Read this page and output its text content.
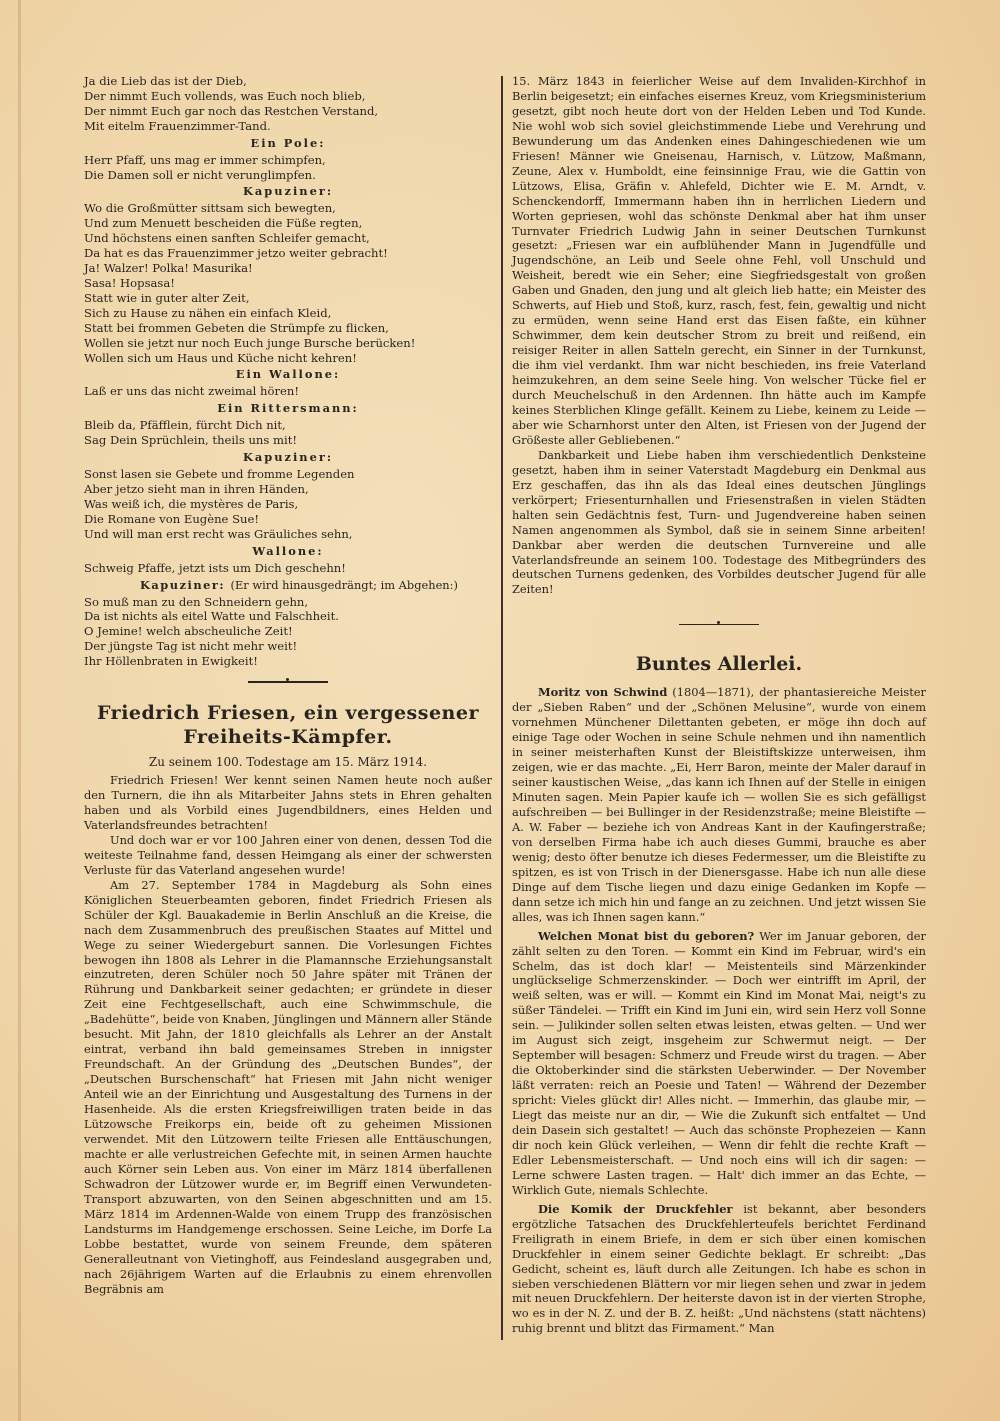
Ja die Lieb das ist der Dieb,
Der nimmt Euch vollends, was Euch noch blieb,
Der nimmt Euch gar noch das Restchen Verstand,
Mit eitelm Frauenzimmer-Tand.
Ein Pole:
Herr Pfaff, uns mag er immer schimpfen,
Die Damen soll er nicht verunglimpfen.
Kapuziner:
Wo die Großmütter sittsam sich bewegten,
Und zum Menuett bescheiden die Füße regten,
Und höchstens einen sanften Schleifer gemacht,
Da hat es das Frauenzimmer jetzo weiter gebracht!
Ja! Walzer! Polka! Masurika!
Sasa! Hopsasa!
Statt wie in guter alter Zeit,
Sich zu Hause zu nähen ein einfach Kleid,
Statt bei frommen Gebeten die Strümpfe zu flicken,
Wollen sie jetzt nur noch Euch junge Bursche berücken!
Wollen sich um Haus und Küche nicht kehren!
Ein Wallone:
Laß er uns das nicht zweimal hören!
Ein Rittersmann:
Bleib da, Pfäfflein, fürcht Dich nit,
Sag Dein Sprüchlein, theils uns mit!
Kapuziner:
Sonst lasen sie Gebete und fromme Legenden
Aber jetzo sieht man in ihren Händen,
Was weiß ich, die mystères de Paris,
Die Romane von Eugène Sue!
Und will man erst recht was Gräuliches sehn,
Wallone:
Schweig Pfaffe, jetzt ists um Dich geschehn!
Kapuziner: (Er wird hinausgedrängt; im Abgehen:)
So muß man zu den Schneidern gehn,
Da ist nichts als eitel Watte und Falschheit.
O Jemine! welch abscheuliche Zeit!
Der jüngste Tag ist nicht mehr weit!
Ihr Höllenbraten in Ewigkeit!
Friedrich Friesen, ein vergessener Freiheits-Kämpfer.
Zu seinem 100. Todestage am 15. März 1914.

Friedrich Friesen! Wer kennt seinen Namen heute noch außer den Turnern, die ihn als Mitarbeiter Jahns stets in Ehren gehalten haben und als Vorbild eines Jugendbildners, eines Helden und Vaterlandsfreundes betrachten!

Und doch war er vor 100 Jahren einer von denen, dessen Tod die weiteste Teilnahme fand, dessen Heimgang als einer der schwersten Verluste für das Vaterland angesehen wurde!

Am 27. September 1784 in Magdeburg als Sohn eines Königlichen Steuerbeamten geboren, findet Friedrich Friesen als Schüler der Kgl. Bauakademie in Berlin Anschluß an die Kreise, die nach dem Zusammenbruch des preußischen Staates auf Mittel und Wege zu seiner Wiedergeburt sannen. Die Vorlesungen Fichtes bewogen ihn 1808 als Lehrer in die Plamannsche Erziehungsanstalt einzutreten, deren Schüler noch 50 Jahre später mit Tränen der Rührung und Dankbarkeit seiner gedachten; er gründete in dieser Zeit eine Fechtgesellschaft, auch eine Schwimmschule, die „Badehütte“, beide von Knaben, Jünglingen und Männern aller Stände besucht. Mit Jahn, der 1810 gleichfalls als Lehrer an der Anstalt eintrat, verband ihn bald gemeinsames Streben in innigster Freundschaft. An der Gründung des „Deutschen Bundes“, der „Deutschen Burschenschaft“ hat Friesen mit Jahn nicht weniger Anteil wie an der Einrichtung und Ausgestaltung des Turnens in der Hasenheide. Als die ersten Kriegsfreiwilligen traten beide in das Lützowsche Freikorps ein, beide oft zu geheimen Missionen verwendet. Mit den Lützowern teilte Friesen alle Enttäuschungen, machte er alle verlustreichen Gefechte mit, in seinen Armen hauchte auch Körner sein Leben aus. Von einer im März 1814 überfallenen Schwadron der Lützower wurde er, im Begriff einen Verwundeten-Transport abzuwarten, von den Seinen abgeschnitten und am 15. März 1814 im Ardennen-Walde von einem Trupp des französischen Landsturms im Handgemenge erschossen. Seine Leiche, im Dorfe La Lobbe bestattet, wurde von seinem Freunde, dem späteren Generalleutnant von Vietinghoff, aus Feindesland ausgegraben und, nach 26jährigem Warten auf die Erlaubnis zu einem ehrenvollen Begräbnis am

15. März 1843 in feierlicher Weise auf dem Invaliden-Kirchhof in Berlin beigesetzt; ein einfaches eisernes Kreuz, vom Kriegsministerium gesetzt, gibt noch heute dort von der Helden Leben und Tod Kunde. Nie wohl wob sich soviel gleichstimmende Liebe und Verehrung und Bewunderung um das Andenken eines Dahingeschiedenen wie um Friesen! Männer wie Gneisenau, Harnisch, v. Lützow, Maßmann, Zeune, Alex v. Humboldt, eine feinsinnige Frau, wie die Gattin von Lützows, Elisa, Gräfin v. Ahlefeld, Dichter wie E. M. Arndt, v. Schenckendorff, Immermann haben ihn in herrlichen Liedern und Worten gepriesen, wohl das schönste Denkmal aber hat ihm unser Turnvater Friedrich Ludwig Jahn in seiner Deutschen Turnkunst gesetzt: „Friesen war ein aufblühender Mann in Jugendfülle und Jugendschöne, an Leib und Seele ohne Fehl, voll Unschuld und Weisheit, beredt wie ein Seher; eine Siegfriedsgestalt von großen Gaben und Gnaden, den jung und alt gleich lieb hatte; ein Meister des Schwerts, auf Hieb und Stoß, kurz, rasch, fest, fein, gewaltig und nicht zu ermüden, wenn seine Hand erst das Eisen faßte, ein kühner Schwimmer, dem kein deutscher Strom zu breit und reißend, ein reisiger Reiter in allen Satteln gerecht, ein Sinner in der Turnkunst, die ihm viel verdankt. Ihm war nicht beschieden, ins freie Vaterland heimzukehren, an dem seine Seele hing. Von welscher Tücke fiel er durch Meuchelschuß in den Ardennen. Ihn hätte auch im Kampfe keines Sterblichen Klinge gefällt. Keinem zu Liebe, keinem zu Leide — aber wie Scharnhorst unter den Alten, ist Friesen von der Jugend der Größeste aller Gebliebenen.“

Dankbarkeit und Liebe haben ihm verschiedentlich Denksteine gesetzt, haben ihm in seiner Vaterstadt Magdeburg ein Denkmal aus Erz geschaffen, das ihn als das Ideal eines deutschen Jünglings verkörpert; Friesenturnhallen und Friesenstraßen in vielen Städten halten sein Gedächtnis fest, Turn- und Jugendvereine haben seinen Namen angenommen als Symbol, daß sie in seinem Sinne arbeiten! Dankbar aber werden die deutschen Turnvereine und alle Vaterlandsfreunde an seinem 100. Todestage des Mitbegründers des deutschen Turnens gedenken, des Vorbildes deutscher Jugend für alle Zeiten!

Buntes Allerlei.

Moritz von Schwind (1804—1871), der phantasiereiche Meister der „Sieben Raben“ und der „Schönen Melusine“, wurde von einem vornehmen Münchener Dilettanten gebeten, er möge ihn doch auf einige Tage oder Wochen in seine Schule nehmen und ihn namentlich in seiner meisterhaften Kunst der Bleistiftskizze unterweisen, ihm zeigen, wie er das machte. „Ei, Herr Baron, meinte der Maler darauf in seiner kaustischen Weise, „das kann ich Ihnen auf der Stelle in einigen Minuten sagen. Mein Papier kaufe ich — wollen Sie es sich gefälligst aufschreiben — bei Bullinger in der Residenzstraße; meine Bleistifte — A. W. Faber — beziehe ich von Andreas Kant in der Kaufingerstraße; von derselben Firma habe ich auch dieses Gummi, brauche es aber wenig; desto öfter benutze ich dieses Federmesser, um die Bleistifte zu spitzen, es ist von Trisch in der Dienersgasse. Habe ich nun alle diese Dinge auf dem Tische liegen und dazu einige Gedanken im Kopfe — dann setze ich mich hin und fange an zu zeichnen. Und jetzt wissen Sie alles, was ich Ihnen sagen kann.“

Welchen Monat bist du geboren? Wer im Januar geboren, der zählt selten zu den Toren. — Kommt ein Kind im Februar, wird's ein Schelm, das ist doch klar! — Meistenteils sind Märzenkinder unglückselige Schmerzenskinder. — Doch wer eintrifft im April, der weiß selten, was er will. — Kommt ein Kind im Monat Mai, neigt's zu süßer Tändelei. — Trifft ein Kind im Juni ein, wird sein Herz voll Sonne sein. — Julikinder sollen selten etwas leisten, etwas gelten. — Und wer im August sich zeigt, insgeheim zur Schwermut neigt. — Der September will besagen: Schmerz und Freude wirst du tragen. — Aber die Oktoberkinder sind die stärksten Ueberwinder. — Der November läßt verraten: reich an Poesie und Taten! — Während der Dezember spricht: Vieles glückt dir! Alles nicht. — Immerhin, das glaube mir, — Liegt das meiste nur an dir, — Wie die Zukunft sich entfaltet — Und dein Dasein sich gestaltet! — Auch das schönste Prophezeien — Kann dir noch kein Glück verleihen, — Wenn dir fehlt die rechte Kraft — Edler Lebensmeisterschaft. — Und noch eins will ich dir sagen: — Lerne schwere Lasten tragen. — Halt' dich immer an das Echte, — Wirklich Gute, niemals Schlechte.

Die Komik der Druckfehler ist bekannt, aber besonders ergötzliche Tatsachen des Druckfehlerteufels berichtet Ferdinand Freiligrath in einem Briefe, in dem er sich über einen komischen Druckfehler in einem seiner Gedichte beklagt. Er schreibt: „Das Gedicht, scheint es, läuft durch alle Zeitungen. Ich habe es schon in sieben verschiedenen Blättern vor mir liegen sehen und zwar in jedem mit neuen Druckfehlern. Der heiterste davon ist in der vierten Strophe, wo es in der N. Z. und der B. Z. heißt: „Und nächstens (statt nächtens) ruhig brennt und blitzt das Firmament.“ Man
